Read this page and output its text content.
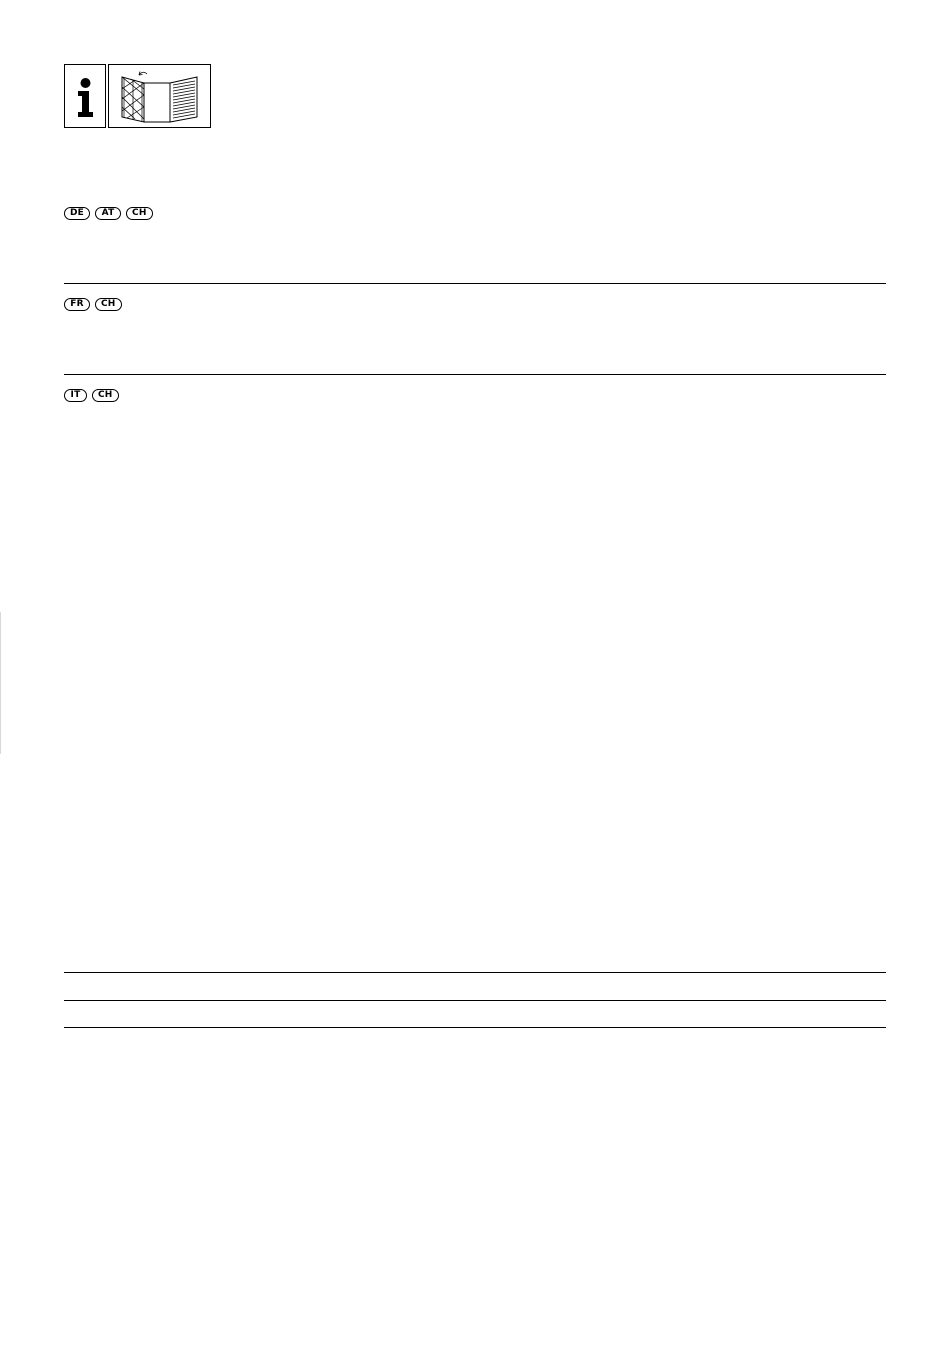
DE	AT	CH
FR	CH
IT	CH
